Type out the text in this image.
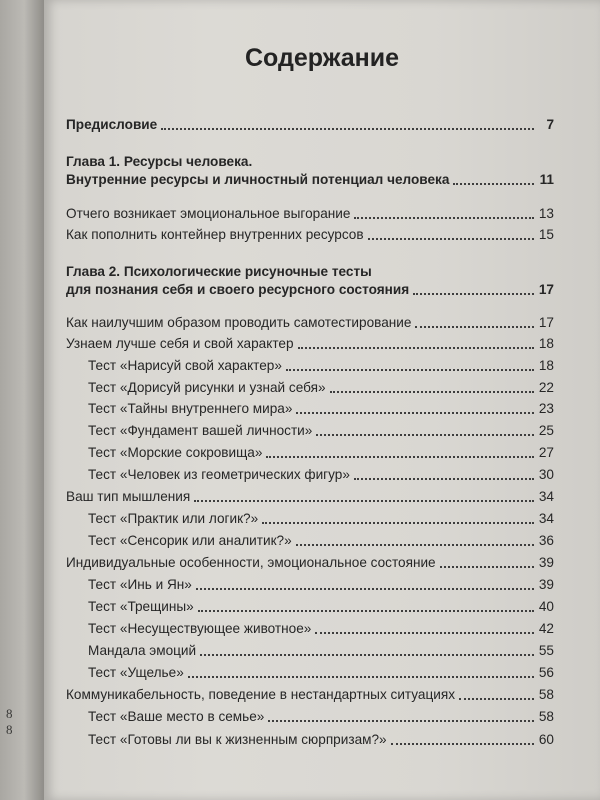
8
8
Содержание
Предисловие	7
Глава 1. Ресурсы человека.
Внутренние ресурсы и личностный потенциал человека	11
Отчего возникает эмоциональное выгорание	13
Как пополнить контейнер внутренних ресурсов	15
Глава 2. Психологические рисуночные тесты
для познания себя и своего ресурсного состояния	17
Как наилучшим образом проводить самотестирование	17
Узнаем лучше себя и свой характер	18
Тест «Нарисуй свой характер»	18
Тест «Дорисуй рисунки и узнай себя»	22
Тест «Тайны внутреннего мира»	23
Тест «Фундамент вашей личности»	25
Тест «Морские сокровища»	27
Тест «Человек из геометрических фигур»	30
Ваш тип мышления	34
Тест «Практик или логик?»	34
Тест «Сенсорик или аналитик?»	36
Индивидуальные особенности, эмоциональное состояние	39
Тест «Инь и Ян»	39
Тест «Трещины»	40
Тест «Несуществующее животное»	42
Мандала эмоций	55
Тест «Ущелье»	56
Коммуникабельность, поведение в нестандартных ситуациях	58
Тест «Ваше место в семье»	58
Тест «Готовы ли вы к жизненным сюрпризам?»	60
